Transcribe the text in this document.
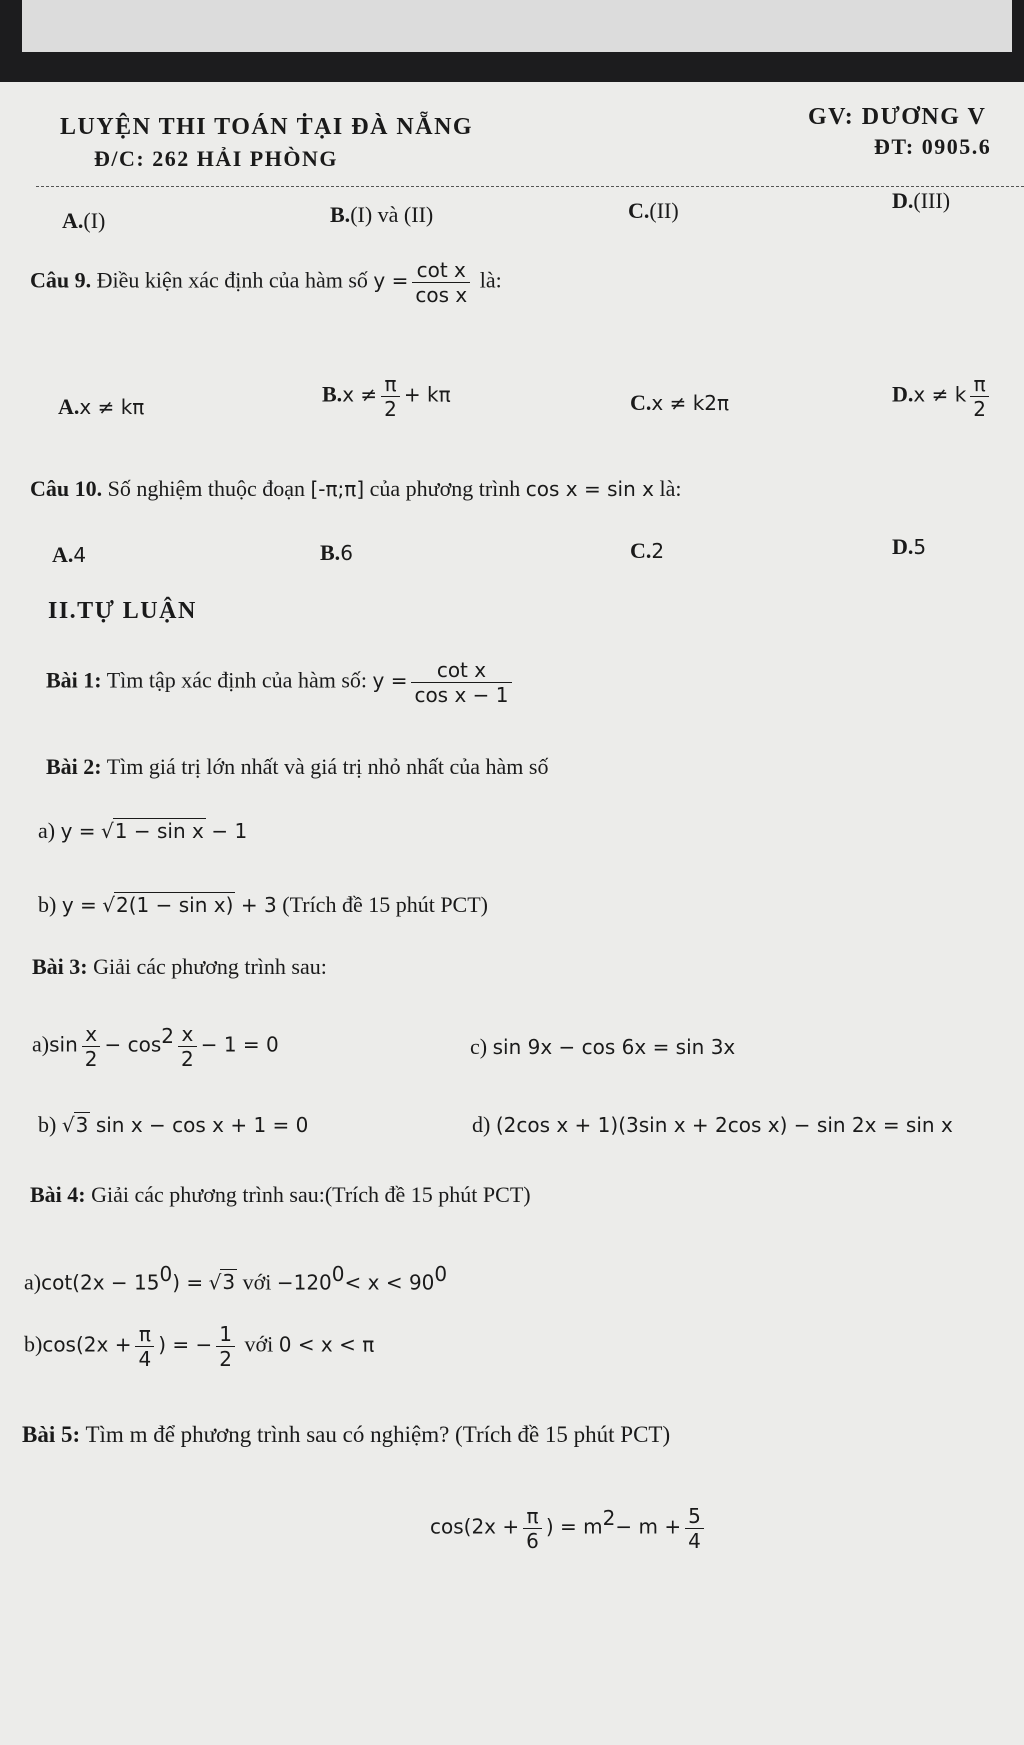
LUYỆN THI TOÁN ṪẠI ĐÀ NẴNG
Đ/C: 262 HẢI PHÒNG
GV: DƯƠNG V
ĐT: 0905.6
A.(I)	B.(I) và (II)	C.(II)	D.(III)
Câu 9. Điều kiện xác định của hàm số $y = \frac{\text{cot x}}{\text{cos x}}$ là:
A.x ≠ kπ
$B.x \ne \frac{\pi}{2} + k\pi$	C.x ≠ k2π	D.x ≠ k $\frac{\pi}{2}$
Câu 10. Số nghiệm thuộc đoạn [-π;π] của phương trình cos x = sin x là:
A.4	B.6	C.2	D.5
II.TỰ LUẬN
Bài 1: Tìm tập xác định của hàm số: $y = \frac{\text{cot x}}{\text{cos x − 1}}$
Bài 2: Tìm giá trị lớn nhất và giá trị nhỏ nhất của hàm số
a) y = √1 − sin x − 1
b) y = √2(1 − sin x) + 3 (Trích đề 15 phút PCT)
Bài 3: Giải các phương trình sau:
$a)\sin \frac{x}{2} - \cos^2 \frac{x}{2} - 1 = 0$	c) sin 9x − cos 6x = sin 3x
b) √3 sin x − cos x + 1 = 0	d) (2cos x + 1)(3sin x + 2cos x) − sin 2x = sin x
Bài 4: Giải các phương trình sau:(Trích đề 15 phút PCT)
$a)\cot(2x - 15^0) = √3$ với $-120^0< x < 90^0$
$b)\cos(2x + \frac{\pi}{4}$ ) = − $\frac{1}{2}$ với 0 < x < π
Bài 5: Tìm m để phương trình sau có nghiệm? (Trích đề 15 phút PCT)
$\cos(2x + \frac{\pi}{6}$ ) = $m^2- m + \frac{5}{4}$
